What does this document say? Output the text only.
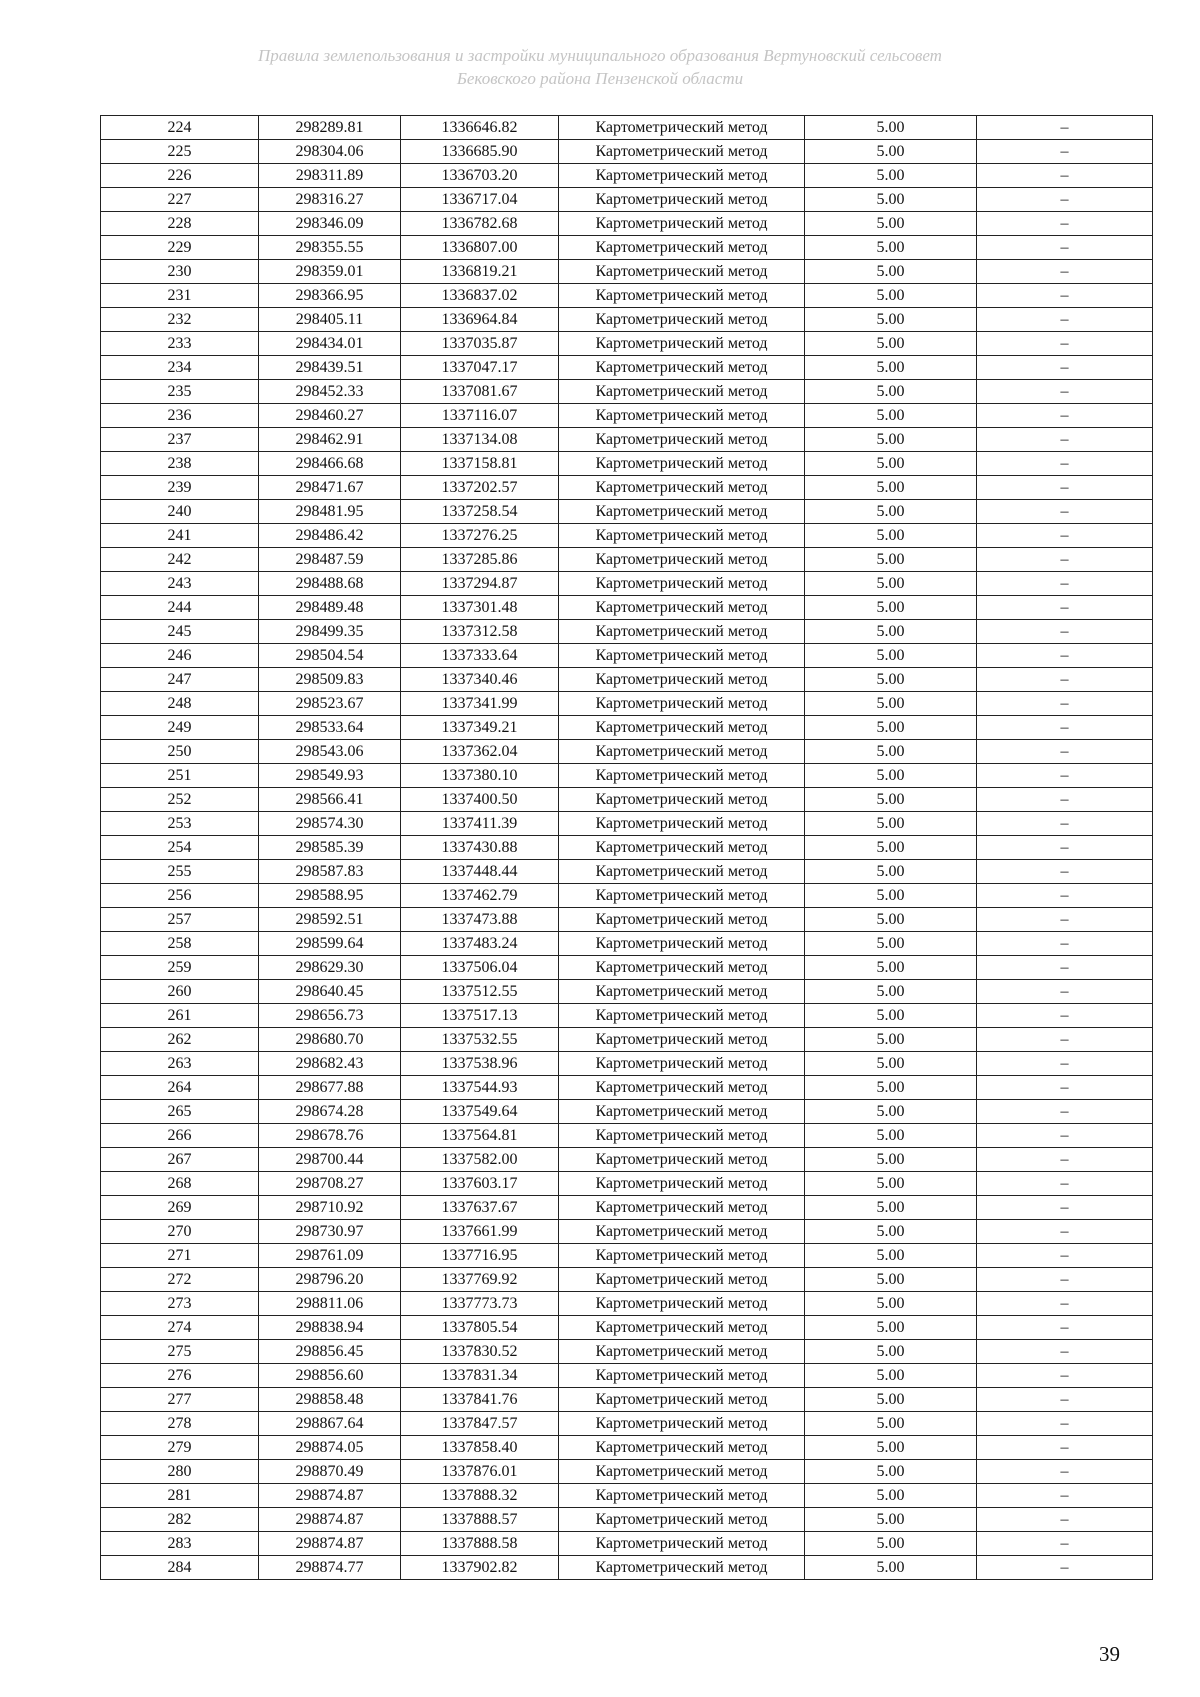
Правила землепользования и застройки муниципального образования Вертуновский сельсовет
Бековского района Пензенской области
224	298289.81	1336646.82	Картометрический метод	5.00	–
225	298304.06	1336685.90	Картометрический метод	5.00	–
226	298311.89	1336703.20	Картометрический метод	5.00	–
227	298316.27	1336717.04	Картометрический метод	5.00	–
228	298346.09	1336782.68	Картометрический метод	5.00	–
229	298355.55	1336807.00	Картометрический метод	5.00	–
230	298359.01	1336819.21	Картометрический метод	5.00	–
231	298366.95	1336837.02	Картометрический метод	5.00	–
232	298405.11	1336964.84	Картометрический метод	5.00	–
233	298434.01	1337035.87	Картометрический метод	5.00	–
234	298439.51	1337047.17	Картометрический метод	5.00	–
235	298452.33	1337081.67	Картометрический метод	5.00	–
236	298460.27	1337116.07	Картометрический метод	5.00	–
237	298462.91	1337134.08	Картометрический метод	5.00	–
238	298466.68	1337158.81	Картометрический метод	5.00	–
239	298471.67	1337202.57	Картометрический метод	5.00	–
240	298481.95	1337258.54	Картометрический метод	5.00	–
241	298486.42	1337276.25	Картометрический метод	5.00	–
242	298487.59	1337285.86	Картометрический метод	5.00	–
243	298488.68	1337294.87	Картометрический метод	5.00	–
244	298489.48	1337301.48	Картометрический метод	5.00	–
245	298499.35	1337312.58	Картометрический метод	5.00	–
246	298504.54	1337333.64	Картометрический метод	5.00	–
247	298509.83	1337340.46	Картометрический метод	5.00	–
248	298523.67	1337341.99	Картометрический метод	5.00	–
249	298533.64	1337349.21	Картометрический метод	5.00	–
250	298543.06	1337362.04	Картометрический метод	5.00	–
251	298549.93	1337380.10	Картометрический метод	5.00	–
252	298566.41	1337400.50	Картометрический метод	5.00	–
253	298574.30	1337411.39	Картометрический метод	5.00	–
254	298585.39	1337430.88	Картометрический метод	5.00	–
255	298587.83	1337448.44	Картометрический метод	5.00	–
256	298588.95	1337462.79	Картометрический метод	5.00	–
257	298592.51	1337473.88	Картометрический метод	5.00	–
258	298599.64	1337483.24	Картометрический метод	5.00	–
259	298629.30	1337506.04	Картометрический метод	5.00	–
260	298640.45	1337512.55	Картометрический метод	5.00	–
261	298656.73	1337517.13	Картометрический метод	5.00	–
262	298680.70	1337532.55	Картометрический метод	5.00	–
263	298682.43	1337538.96	Картометрический метод	5.00	–
264	298677.88	1337544.93	Картометрический метод	5.00	–
265	298674.28	1337549.64	Картометрический метод	5.00	–
266	298678.76	1337564.81	Картометрический метод	5.00	–
267	298700.44	1337582.00	Картометрический метод	5.00	–
268	298708.27	1337603.17	Картометрический метод	5.00	–
269	298710.92	1337637.67	Картометрический метод	5.00	–
270	298730.97	1337661.99	Картометрический метод	5.00	–
271	298761.09	1337716.95	Картометрический метод	5.00	–
272	298796.20	1337769.92	Картометрический метод	5.00	–
273	298811.06	1337773.73	Картометрический метод	5.00	–
274	298838.94	1337805.54	Картометрический метод	5.00	–
275	298856.45	1337830.52	Картометрический метод	5.00	–
276	298856.60	1337831.34	Картометрический метод	5.00	–
277	298858.48	1337841.76	Картометрический метод	5.00	–
278	298867.64	1337847.57	Картометрический метод	5.00	–
279	298874.05	1337858.40	Картометрический метод	5.00	–
280	298870.49	1337876.01	Картометрический метод	5.00	–
281	298874.87	1337888.32	Картометрический метод	5.00	–
282	298874.87	1337888.57	Картометрический метод	5.00	–
283	298874.87	1337888.58	Картометрический метод	5.00	–
284	298874.77	1337902.82	Картометрический метод	5.00	–
39
